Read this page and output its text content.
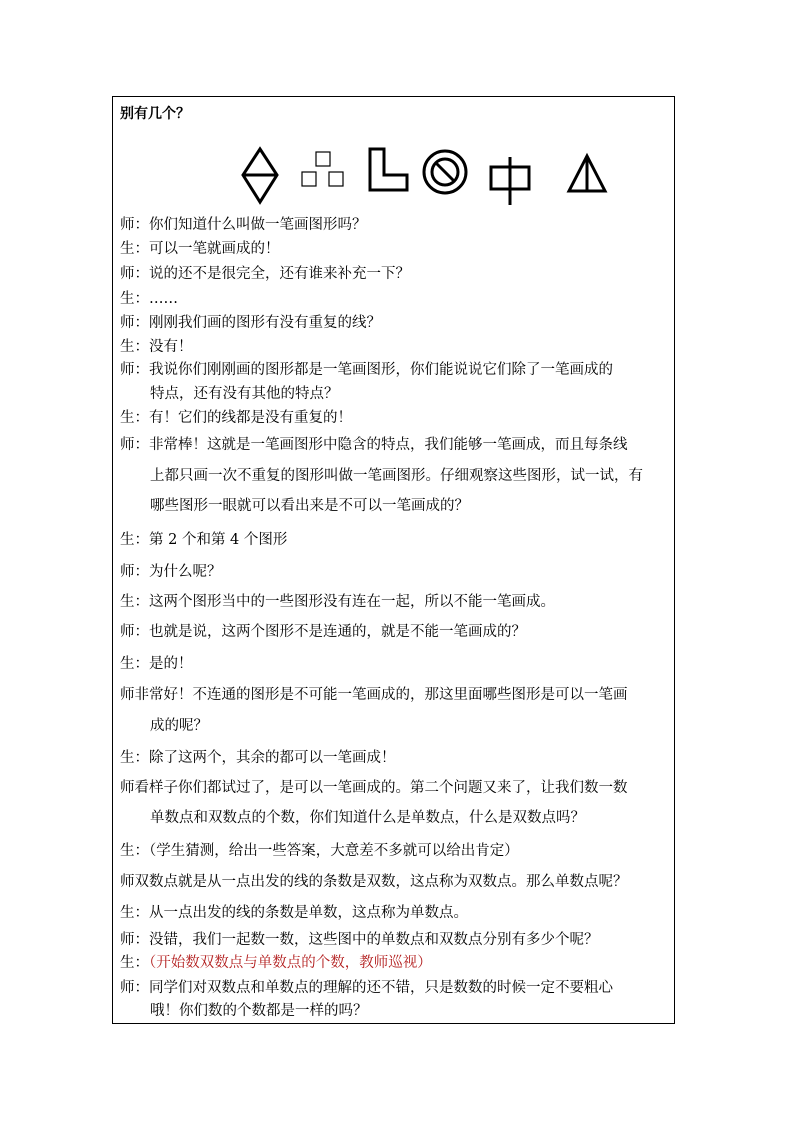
别有几个？
师：你们知道什么叫做一笔画图形吗？
生：可以一笔就画成的！
师：说的还不是很完全，还有谁来补充一下？
生：……
师：刚刚我们画的图形有没有重复的线？
生：没有！
师：我说你们刚刚画的图形都是一笔画图形，你们能说说它们除了一笔画成的
特点，还有没有其他的特点？
生：有！它们的线都是没有重复的！
师：非常棒！这就是一笔画图形中隐含的特点，我们能够一笔画成，而且每条线
上都只画一次不重复的图形叫做一笔画图形。仔细观察这些图形，试一试，有
哪些图形一眼就可以看出来是不可以一笔画成的？
生：第 2 个和第 4 个图形
师：为什么呢？
生：这两个图形当中的一些图形没有连在一起，所以不能一笔画成。
师：也就是说，这两个图形不是连通的，就是不能一笔画成的？
生：是的！
师非常好！不连通的图形是不可能一笔画成的，那这里面哪些图形是可以一笔画
成的呢？
生：除了这两个，其余的都可以一笔画成！
师看样子你们都试过了，是可以一笔画成的。第二个问题又来了，让我们数一数
单数点和双数点的个数，你们知道什么是单数点，什么是双数点吗？
生：（学生猜测，给出一些答案，大意差不多就可以给出肯定）
师双数点就是从一点出发的线的条数是双数，这点称为双数点。那么单数点呢？
生：从一点出发的线的条数是单数，这点称为单数点。
师：没错，我们一起数一数，这些图中的单数点和双数点分别有多少个呢？
生：（开始数双数点与单数点的个数，教师巡视）
师：同学们对双数点和单数点的理解的还不错，只是数数的时候一定不要粗心
哦！你们数的个数都是一样的吗？
